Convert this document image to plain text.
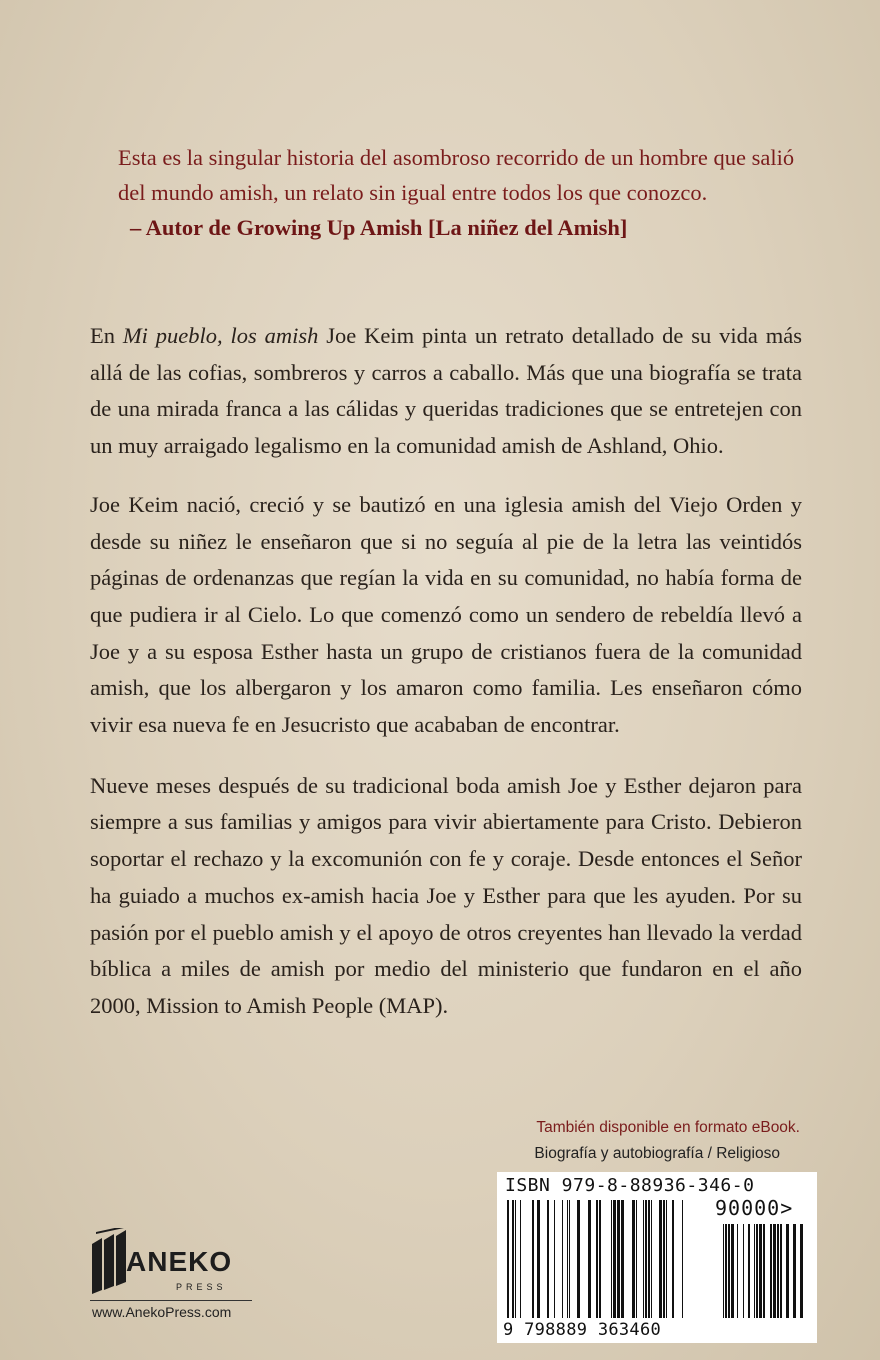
Esta es la singular historia del asombroso recorrido de un hombre que salió del mundo amish, un relato sin igual entre todos los que conozco.
– Autor de Growing Up Amish [La niñez del Amish]

En Mi pueblo, los amish Joe Keim pinta un retrato detallado de su vida más allá de las cofias, sombreros y carros a caballo. Más que una biografía se trata de una mirada franca a las cálidas y queridas tradiciones que se entretejen con un muy arraigado legalismo en la comunidad amish de Ashland, Ohio.

Joe Keim nació, creció y se bautizó en una iglesia amish del Viejo Orden y desde su niñez le enseñaron que si no seguía al pie de la letra las veintidós páginas de ordenanzas que regían la vida en su comunidad, no había forma de que pudiera ir al Cielo. Lo que comenzó como un sendero de rebeldía llevó a Joe y a su esposa Esther hasta un grupo de cristianos fuera de la comunidad amish, que los albergaron y los amaron como familia. Les enseñaron cómo vivir esa nueva fe en Jesucristo que acababan de encontrar.

Nueve meses después de su tradicional boda amish Joe y Esther dejaron para siempre a sus familias y amigos para vivir abiertamente para Cristo. Debieron soportar el rechazo y la excomunión con fe y coraje. Desde entonces el Señor ha guiado a muchos ex-amish hacia Joe y Esther para que les ayuden. Por su pasión por el pueblo amish y el apoyo de otros creyentes han llevado la verdad bíblica a miles de amish por medio del ministerio que fundaron en el año 2000, Mission to Amish People (MAP).

También disponible en formato eBook.
Biografía y autobiografía / Religioso
ISBN 979-8-88936-346-0
90000>
9 798889 363460
ANEKO
PRESS
www.AnekoPress.com
